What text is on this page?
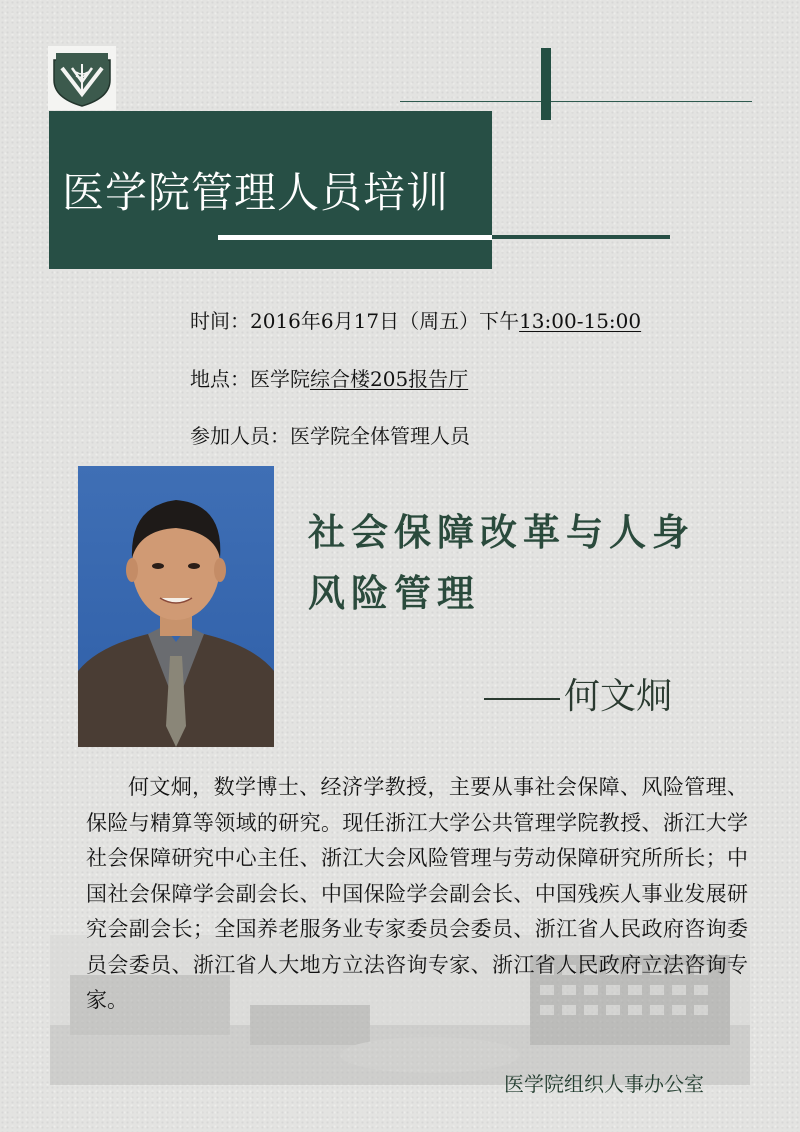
医学院管理人员培训
时间：2016年6月17日（周五）下午13:00-15:00
地点：医学院综合楼205报告厅
参加人员：医学院全体管理人员
社会保障改革与人身
风险管理
何文炯
何文炯，数学博士、经济学教授，主要从事社会保障、风险管理、保险与精算等领域的研究。现任浙江大学公共管理学院教授、浙江大学社会保障研究中心主任、浙江大会风险管理与劳动保障研究所所长；中国社会保障学会副会长、中国保险学会副会长、中国残疾人事业发展研究会副会长；全国养老服务业专家委员会委员、浙江省人民政府咨询委员会委员、浙江省人大地方立法咨询专家、浙江省人民政府立法咨询专家。
医学院组织人事办公室
